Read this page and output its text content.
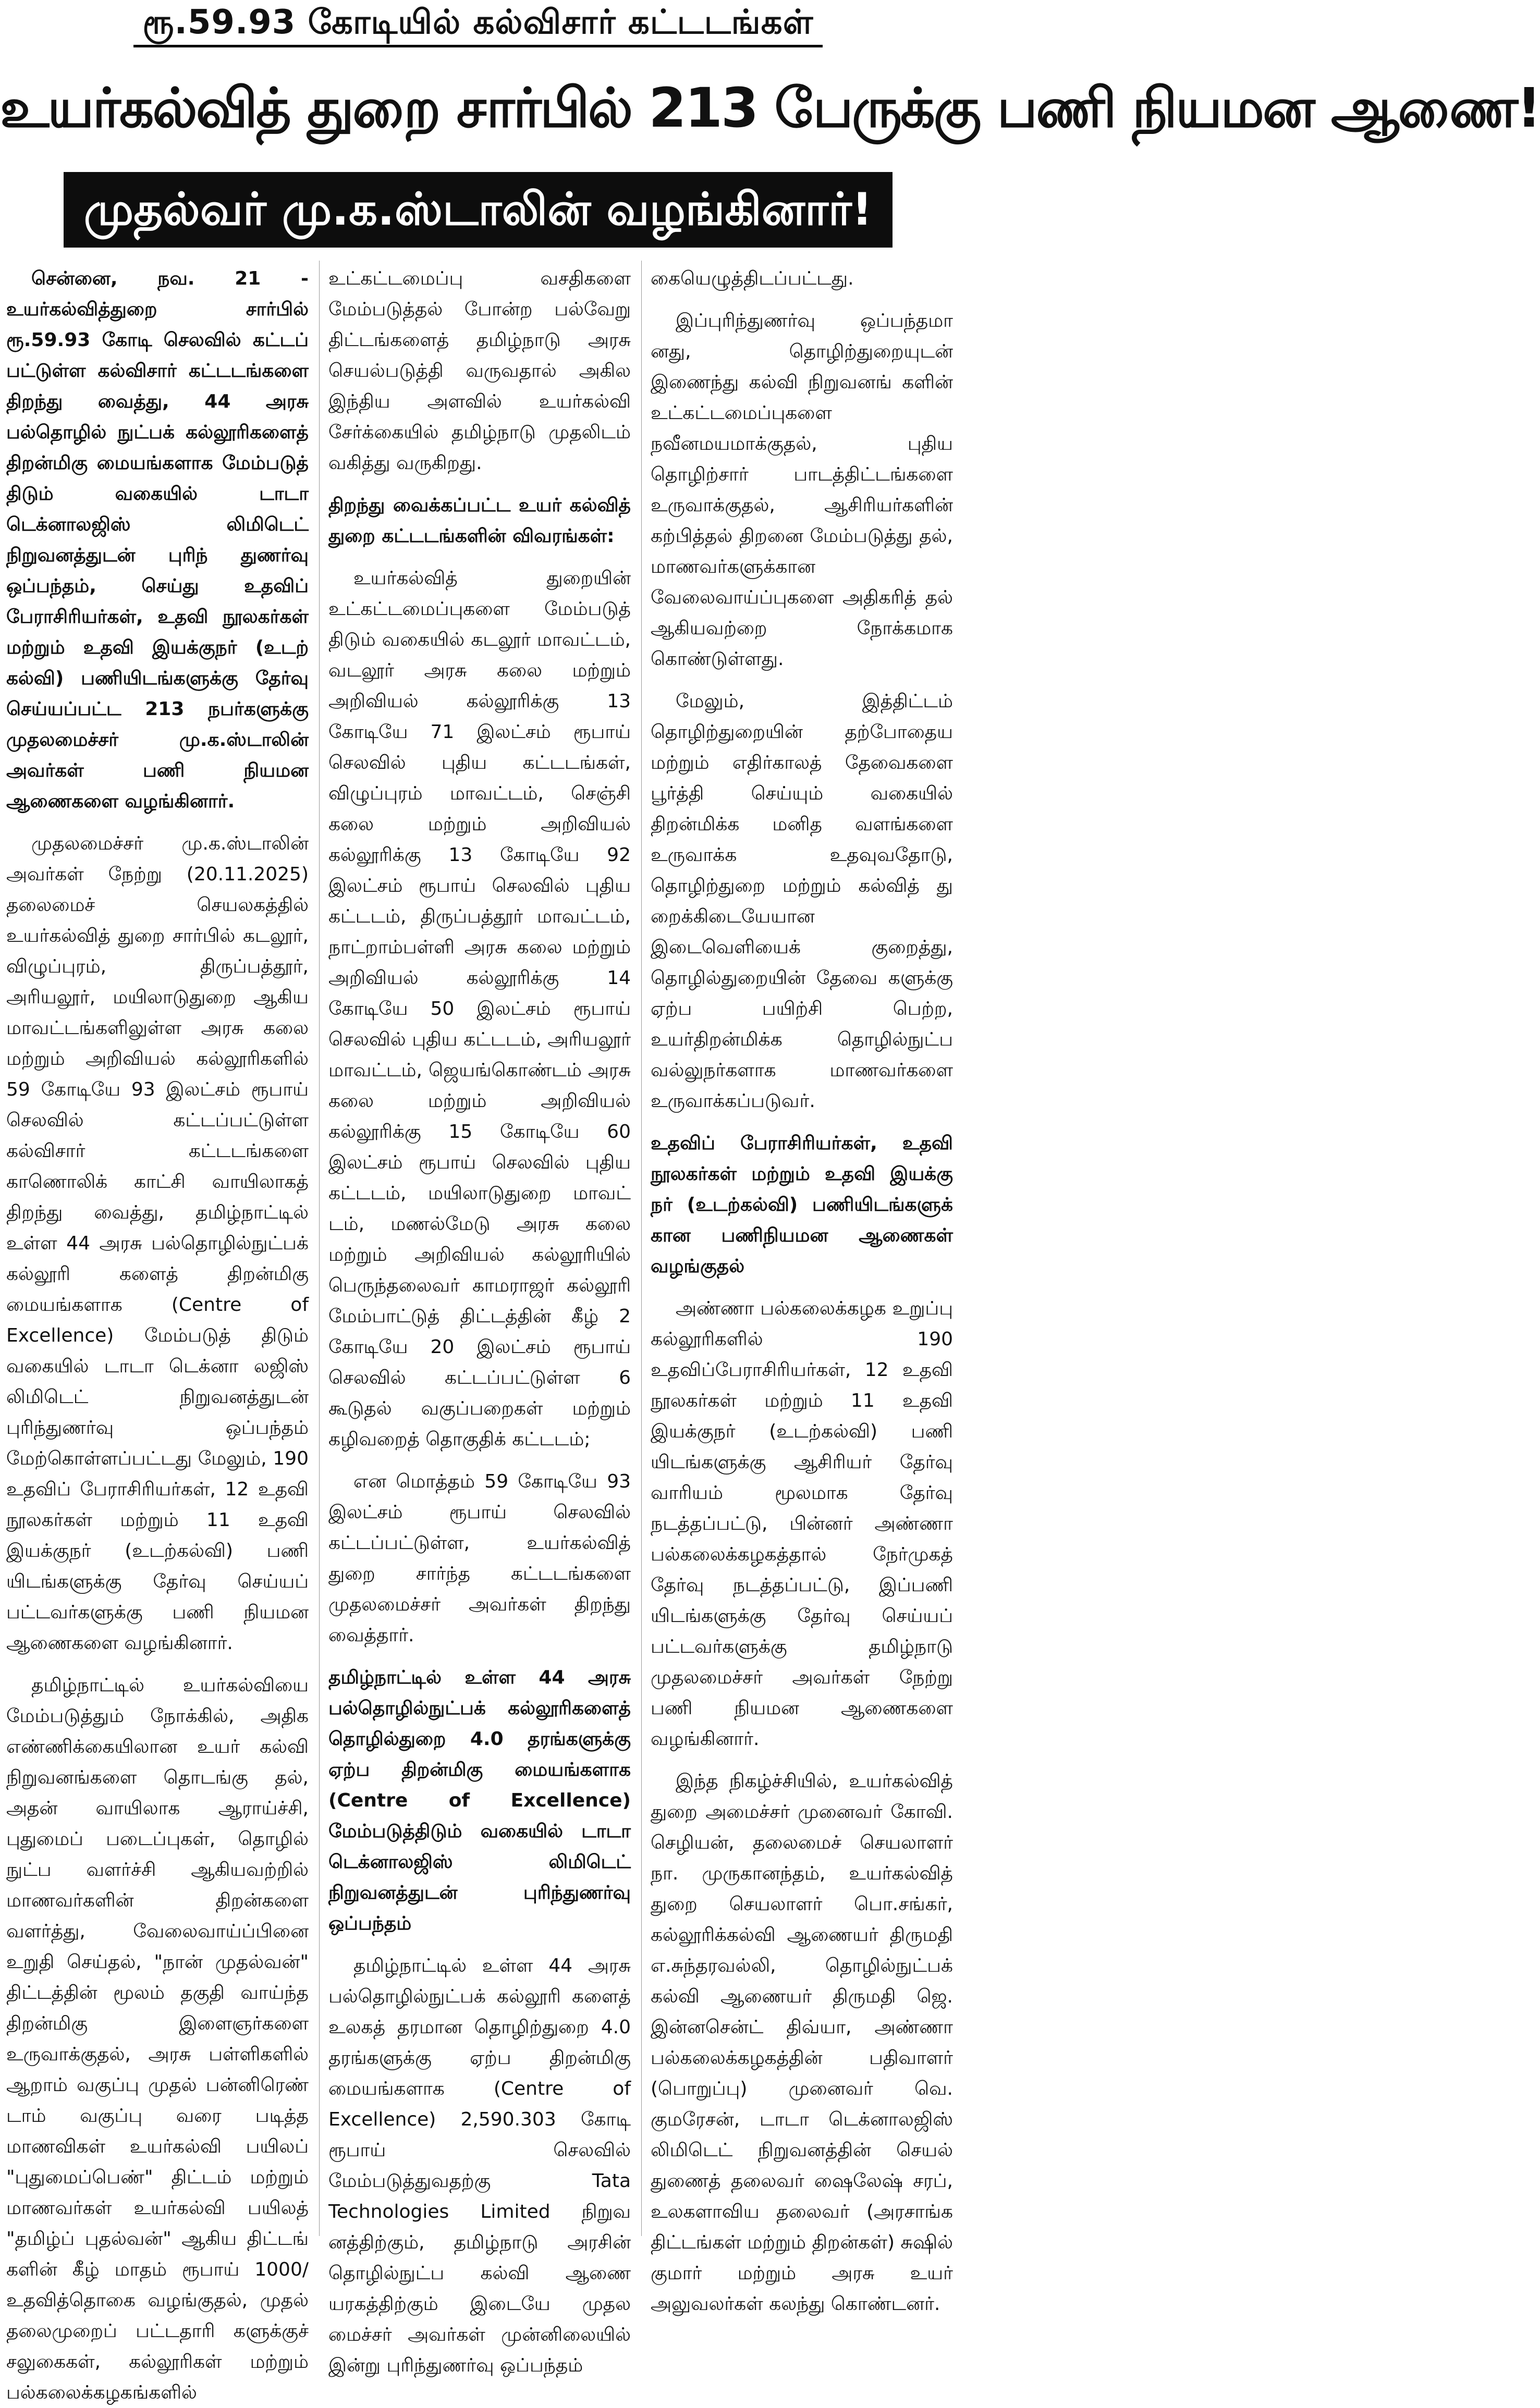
ரூ.59.93 கோடியில் கல்விசார் கட்டடங்கள்
உயர்கல்வித் துறை சார்பில் 213 பேருக்கு பணி நியமன ஆணை!
முதல்வர் மு.க.ஸ்டாலின் வழங்கினார்!

சென்னை, நவ. 21 - உயர்கல்வித்துறை சார்பில் ரூ.59.93 கோடி செலவில் கட்டப் பட்டுள்ள கல்விசார் கட்டடங்களை திறந்து வைத்து, 44 அரசு பல்தொழில் நுட்பக் கல்லூரிகளைத் திறன்மிகு மையங்களாக மேம்படுத் திடும் வகையில் டாடா டெக்னாலஜிஸ் லிமிடெட் நிறுவனத்துடன் புரிந் துணர்வு ஒப்பந்தம், செய்து உதவிப் பேராசிரியர்கள், உதவி நூலகர்கள் மற்றும் உதவி இயக்குநர் (உடற் கல்வி) பணியிடங்களுக்கு தேர்வு செய்யப்பட்ட 213 நபர்களுக்கு முதலமைச்சர் மு.க.ஸ்டாலின் அவர்கள் பணி நியமன ஆணைகளை வழங்கினார்.

முதலமைச்சர் மு.க.ஸ்டாலின் அவர்கள் நேற்று (20.11.2025) தலைமைச் செயலகத்தில் உயர்கல்வித் துறை சார்பில் கடலூர், விழுப்புரம், திருப்பத்தூர், அரியலூர், மயிலாடுதுறை ஆகிய மாவட்டங்களிலுள்ள அரசு கலை மற்றும் அறிவியல் கல்லூரிகளில் 59 கோடியே 93 இலட்சம் ரூபாய் செலவில் கட்டப்பட்டுள்ள கல்விசார் கட்டடங்களை காணொலிக் காட்சி வாயிலாகத் திறந்து வைத்து, தமிழ்நாட்டில் உள்ள 44 அரசு பல்தொழில்நுட்பக் கல்லூரி களைத் திறன்மிகு மையங்களாக (Centre of Excellence) மேம்படுத் திடும் வகையில் டாடா டெக்னா லஜிஸ் லிமிடெட் நிறுவனத்துடன் புரிந்துணர்வு ஒப்பந்தம் மேற்கொள்ளப்பட்டது மேலும், 190 உதவிப் பேராசிரியர்கள், 12 உதவி நூலகர்கள் மற்றும் 11 உதவி இயக்குநர் (உடற்கல்வி) பணி யிடங்களுக்கு தேர்வு செய்யப் பட்டவர்களுக்கு பணி நியமன ஆணைகளை வழங்கினார்.

தமிழ்நாட்டில் உயர்கல்வியை மேம்படுத்தும் நோக்கில், அதிக எண்ணிக்கையிலான உயர் கல்வி நிறுவனங்களை தொடங்கு தல், அதன் வாயிலாக ஆராய்ச்சி, புதுமைப் படைப்புகள், தொழில் நுட்ப வளர்ச்சி ஆகியவற்றில் மாணவர்களின் திறன்களை வளர்த்து, வேலைவாய்ப்பினை உறுதி செய்தல், "நான் முதல்வன்" திட்டத்தின் மூலம் தகுதி வாய்ந்த திறன்மிகு இளைஞர்களை உருவாக்குதல், அரசு பள்ளிகளில் ஆறாம் வகுப்பு முதல் பன்னிரெண் டாம் வகுப்பு வரை படித்த மாணவிகள் உயர்கல்வி பயிலப் "புதுமைப்பெண்" திட்டம் மற்றும் மாணவர்கள் உயர்கல்வி பயிலத் "தமிழ்ப் புதல்வன்" ஆகிய திட்டங் களின் கீழ் மாதம் ரூபாய் 1000/ உதவித்தொகை வழங்குதல், முதல் தலைமுறைப் பட்டதாரி களுக்குச் சலுகைகள், கல்லூரிகள் மற்றும் பல்கலைக்கழகங்களில்

உட்கட்டமைப்பு வசதிகளை மேம்படுத்தல் போன்ற பல்வேறு திட்டங்களைத் தமிழ்நாடு அரசு செயல்படுத்தி வருவதால் அகில இந்திய அளவில் உயர்கல்வி சேர்க்கையில் தமிழ்நாடு முதலிடம் வகித்து வருகிறது.

திறந்து வைக்கப்பட்ட உயர் கல்வித் துறை கட்டடங்களின் விவரங்கள்:

உயர்கல்வித் துறையின் உட்கட்டமைப்புகளை மேம்படுத் திடும் வகையில் கடலூர் மாவட்டம், வடலூர் அரசு கலை மற்றும் அறிவியல் கல்லூரிக்கு 13 கோடியே 71 இலட்சம் ரூபாய் செலவில் புதிய கட்டடங்கள், விழுப்புரம் மாவட்டம், செஞ்சி கலை மற்றும் அறிவியல் கல்லூரிக்கு 13 கோடியே 92 இலட்சம் ரூபாய் செலவில் புதிய கட்டடம், திருப்பத்தூர் மாவட்டம், நாட்றாம்பள்ளி அரசு கலை மற்றும் அறிவியல் கல்லூரிக்கு 14 கோடியே 50 இலட்சம் ரூபாய் செலவில் புதிய கட்டடம், அரியலூர் மாவட்டம், ஜெயங்கொண்டம் அரசு கலை மற்றும் அறிவியல் கல்லூரிக்கு 15 கோடியே 60 இலட்சம் ரூபாய் செலவில் புதிய கட்டடம், மயிலாடுதுறை மாவட் டம், மணல்மேடு அரசு கலை மற்றும் அறிவியல் கல்லூரியில் பெருந்தலைவர் காமராஜர் கல்லூரி மேம்பாட்டுத் திட்டத்தின் கீழ் 2 கோடியே 20 இலட்சம் ரூபாய் செலவில் கட்டப்பட்டுள்ள 6 கூடுதல் வகுப்பறைகள் மற்றும் கழிவறைத் தொகுதிக் கட்டடம்;

என மொத்தம் 59 கோடியே 93 இலட்சம் ரூபாய் செலவில் கட்டப்பட்டுள்ள, உயர்கல்வித் துறை சார்ந்த கட்டடங்களை முதலமைச்சர் அவர்கள் திறந்து வைத்தார்.

தமிழ்நாட்டில் உள்ள 44 அரசு பல்தொழில்நுட்பக் கல்லூரிகளைத் தொழில்துறை 4.0 தரங்களுக்கு ஏற்ப திறன்மிகு மையங்களாக (Centre of Excellence) மேம்படுத்திடும் வகையில் டாடா டெக்னாலஜிஸ் லிமிடெட் நிறுவனத்துடன் புரிந்துணர்வு ஒப்பந்தம்

தமிழ்நாட்டில் உள்ள 44 அரசு பல்தொழில்நுட்பக் கல்லூரி களைத் உலகத் தரமான தொழிற்துறை 4.0 தரங்களுக்கு ஏற்ப திறன்மிகு மையங்களாக (Centre of Excellence) 2,590.303 கோடி ரூபாய் செலவில் மேம்படுத்துவதற்கு Tata Technologies Limited நிறுவ னத்திற்கும், தமிழ்நாடு அரசின் தொழில்நுட்ப கல்வி ஆணை யரகத்திற்கும் இடையே முதல மைச்சர் அவர்கள் முன்னிலையில் இன்று புரிந்துணர்வு ஒப்பந்தம்

கையெழுத்திடப்பட்டது.

இப்புரிந்துணர்வு ஒப்பந்தமா னது, தொழிற்துறையுடன் இணைந்து கல்வி நிறுவனங் களின் உட்கட்டமைப்புகளை நவீனமயமாக்குதல், புதிய தொழிற்சார் பாடத்திட்டங்களை உருவாக்குதல், ஆசிரியர்களின் கற்பித்தல் திறனை மேம்படுத்து தல், மாணவர்களுக்கான வேலைவாய்ப்புகளை அதிகரித் தல் ஆகியவற்றை நோக்கமாக கொண்டுள்ளது.

மேலும், இத்திட்டம் தொழிற்துறையின் தற்போதைய மற்றும் எதிர்காலத் தேவைகளை பூர்த்தி செய்யும் வகையில் திறன்மிக்க மனித வளங்களை உருவாக்க உதவுவதோடு, தொழிற்துறை மற்றும் கல்வித் து றைக்கிடையேயான இடைவெளியைக் குறைத்து, தொழில்துறையின் தேவை களுக்கு ஏற்ப பயிற்சி பெற்ற, உயர்திறன்மிக்க தொழில்நுட்ப வல்லுநர்களாக மாணவர்களை உருவாக்கப்படுவர்.

உதவிப் பேராசிரியர்கள், உதவி நூலகர்கள் மற்றும் உதவி இயக்கு நர் (உடற்கல்வி) பணியிடங்களுக் கான பணிநியமன ஆணைகள் வழங்குதல்

அண்ணா பல்கலைக்கழக உறுப்பு கல்லூரிகளில் 190 உதவிப்பேராசிரியர்கள், 12 உதவி நூலகர்கள் மற்றும் 11 உதவி இயக்குநர் (உடற்கல்வி) பணி யிடங்களுக்கு ஆசிரியர் தேர்வு வாரியம் மூலமாக தேர்வு நடத்தப்பட்டு, பின்னர் அண்ணா பல்கலைக்கழகத்தால் நேர்முகத் தேர்வு நடத்தப்பட்டு, இப்பணி யிடங்களுக்கு தேர்வு செய்யப் பட்டவர்களுக்கு தமிழ்நாடு முதலமைச்சர் அவர்கள் நேற்று பணி நியமன ஆணைகளை வழங்கினார்.

இந்த நிகழ்ச்சியில், உயர்கல்வித் துறை அமைச்சர் முனைவர் கோவி. செழியன், தலைமைச் செயலாளர் நா. முருகானந்தம், உயர்கல்வித் துறை செயலாளர் பொ.சங்கர், கல்லூரிக்கல்வி ஆணையர் திருமதி எ.சுந்தரவல்லி, தொழில்நுட்பக் கல்வி ஆணையர் திருமதி ஜெ. இன்னசென்ட் திவ்யா, அண்ணா பல்கலைக்கழகத்தின் பதிவாளர் (பொறுப்பு) முனைவர் வெ. குமரேசன், டாடா டெக்னாலஜிஸ் லிமிடெட் நிறுவனத்தின் செயல் துணைத் தலைவர் ஷைலேஷ் சரப், உலகளாவிய தலைவர் (அரசாங்க திட்டங்கள் மற்றும் திறன்கள்) சுஷில் குமார் மற்றும் அரசு உயர் அலுவலர்கள் கலந்து கொண்டனர்.
